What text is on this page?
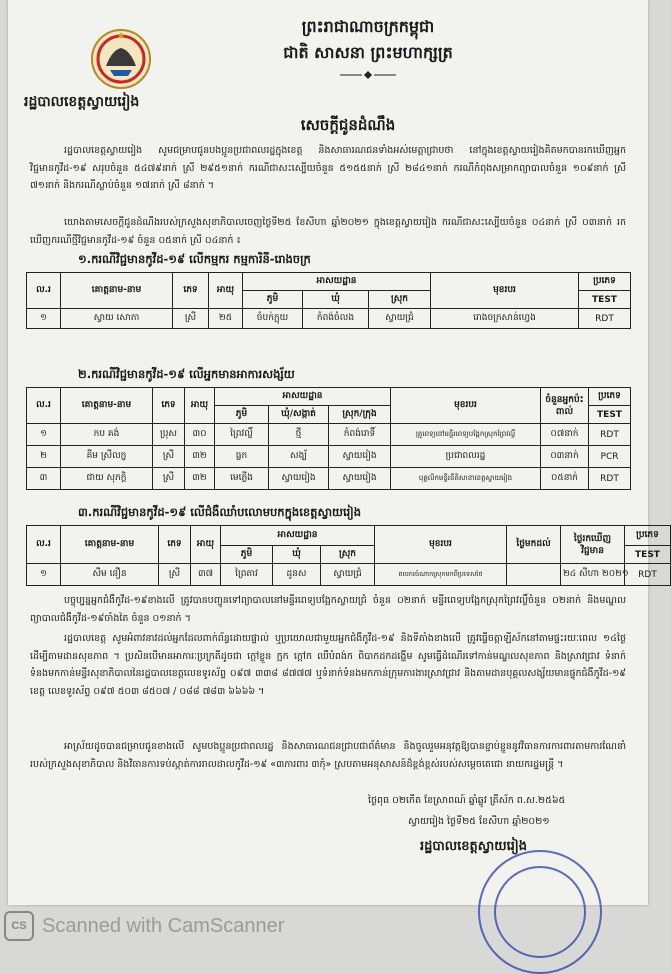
ព្រះរាជាណាចក្រកម្ពុជា
ជាតិ សាសនា ព្រះមហាក្សត្រ
រដ្ឋបាលខេត្តស្វាយរៀង
សេចក្តីជូនដំណឹង

រដ្ឋបាលខេត្តស្វាយរៀង សូមជម្រាបជូនបងប្អូនប្រជាពលរដ្ឋក្នុងខេត្ត និងសាធារណជនទាំងអស់មេត្តាជ្រាបថា នៅក្នុងខេត្តស្វាយរៀងគិតមកបានរកឃើញអ្នកវិជ្ជមានកូវីដ-១៩ សរុបចំនួន ៥៤៧៩នាក់ ស្រី ២៩៥១នាក់ ករណីជាសះស្បើយចំនួន ៥១៥៥នាក់ ស្រី ២៨៤១នាក់ ករណីកំពុងសម្រាកព្យាបាលចំនួន ១០៩នាក់ ស្រី ៧១នាក់ និងករណីស្លាប់ចំនួន ១៧នាក់ ស្រី ៨នាក់ ។

យោងតាមសេចក្តីជូនដំណឹងរបស់ក្រសួងសុខាភិបាលចេញថ្ងៃទី២៥ ខែសីហា ឆ្នាំ២០២១ ក្នុងខេត្តស្វាយរៀង ករណីជាសះស្បើយចំនួន ០៤នាក់ ស្រី ០៣នាក់ រកឃើញករណីថ្មីវិជ្ជមានកូវីដ-១៩ ចំនួន ០៥នាក់ ស្រី ០៤នាក់ ៖

១.ករណីវិជ្ជមានកូវីដ-១៩ លើកម្មករ កម្មការិនី-រោងចក្រ
ល.រ	គោត្តនាម-នាម	ភេទ	អាយុ	អាសយដ្ឋាន			មុខរបរ	ប្រភេទ
				ភូមិ	ឃុំ	ស្រុក		TEST
១	ស្វាយ សោភា	ស្រី	២៥	ចំបក់ក្អុយ	កំពង់ចំលង	ស្វាយជ្រំ	រោងចក្រសាន់ហ្វេង	RDT
២.ករណីវិជ្ជមានកូវីដ-១៩ លើអ្នកមានអាការសង្ស័យ
ល.រ	គោត្តនាម-នាម	ភេទ	អាយុ	អាសយដ្ឋាន			មុខរបរ	ចំនួនអ្នកប៉ះពាល់	ប្រភេទ
				ភូមិ	ឃុំ/សង្កាត់	ស្រុក/ក្រុង			TEST
១	កប គង់	ប្រុស	៣០	ព្រៃវល្លិ៍	ថ្មី	កំពង់រោទិ៍	គ្រូពេទ្យនៅមន្ទីរពេទ្យបង្អែកស្រុកព្រៃវល្លិ៍	០៧នាក់	RDT
២	គីម ស្រីលក្ខ	ស្រី	៣២	ធ្លក	សង្ឃ័	ស្វាយរៀង	ប្រជាពលរដ្ឋ	០៣នាក់	PCR
៣	ជាយ សុភក្តិ	ស្រី	៣២	មេភ្លើង	ស្វាយរៀង	ស្វាយរៀង	បុគ្គលិកមន្ទីរនីតិសាខាខេត្តស្វាយរៀង	០៥នាក់	RDT
៣.ករណីវិជ្ជមានកូវីដ-១៩ លើជំងឺឈាំបលោមបកក្នុងខេត្តស្វាយរៀង
ល.រ	គោត្តនាម-នាម	ភេទ	អាយុ	អាសយដ្ឋាន			មុខរបរ	ថ្ងៃមកដល់	ថ្ងៃរកឃើញវិជ្ជមាន	ប្រភេទ
				ភូមិ	ឃុំ	ស្រុក				TEST
១	សឹម នឿន	ស្រី	៣៧	ព្រៃតាវ	ដូនស	ស្វាយជ្រំ	ពលករចំណាកស្រុកមកពីប្រទេសថៃ		២៤ សីហា ២០២១	RDT

បច្ចុប្បន្នអ្នកជំងឺកូវីដ-១៩ខាងលើ ត្រូវបានបញ្ជូនទៅព្យាបាលនៅមន្ទីរពេទ្យបង្អែកស្វាយជ្រំ ចំនួន ០២នាក់ មន្ទីរពេទ្យបង្អែកស្រុកព្រៃវល្លិ៍ចំនួន ០២នាក់ និងមណ្ឌលព្យាបាលជំងឺកូវីដ-១៩ចាំងតៃ ចំនួន ០១នាក់ ។

រដ្ឋបាលខេត្ត សូមអំពាវនាវដល់អ្នកដែលពាក់ព័ន្ធដោយផ្ទាល់ ឬប្រយោលជាមួយអ្នកជំងឺកូវីដ-១៩ និងទីតាំងខាងលើ ត្រូវធ្វើចត្តាឡីស័កនៅតាមផ្ទះរយៈពេល ១៤ថ្ងៃ ដើម្បីតាមដានសុខភាព ។ ប្រសិនបើមានអាការៈប្រក្រតីដូចជា ក្តៅខ្លួន ក្អក ក្តៅក ឈឺបំពង់ក ពិបាកដកដង្ហើម សូមធ្វើដំណើរទៅកាន់មណ្ឌលសុខភាព និងស្រាវជ្រាវ ទំនាក់ទំនងមកកាន់មន្ទីរសុខាភិបាលនៃរដ្ឋបាលខេត្តលេខទូរស័ព្ទ ០៩៧ ៣៣៨ ៨៧៧៧ ឬទំនាក់ទំនងមកកាន់ក្រុមការងារស្រាវជ្រាវ និងតាមដានបុគ្គលសង្ស័យមានផ្ទុកជំងឺកូវីដ-១៩ ខេត្ត លេខទូរស័ព្ទ ០៩៧ ៥០៣ ៨៥០៧ / ០៨៨ ៧៨៣ ៦៦៦៦ ។

អាស្រ័យដូចបានជម្រាបជូនខាងលើ សូមបងប្អូនប្រជាពលរដ្ឋ និងសាធារណជនជ្រាបជាព័ត៌មាន និងចូលរួមអនុវត្តឱ្យបានខ្ជាប់ខ្ជួននូវវិធានការការពារតាមការណែនាំរបស់ក្រសួងសុខាភិបាល និងវិធានការទប់ស្កាត់ការរាលដាលកូវីដ-១៩ «៣ការពារ ៣កុំ» ស្របតាមអនុសាសន៍ដ៏ខ្ពង់ខ្ពស់របស់សម្តេចតេជោ នាយករដ្ឋមន្រ្តី ។

ថ្ងៃពុធ ០២កើត ខែស្រាពណ៍ ឆ្នាំឆ្លូវ ត្រីស័ក ព.ស.២៥៦៥
ស្វាយរៀង ថ្ងៃទី២៥ ខែសីហា ឆ្នាំ២០២១
រដ្ឋបាលខេត្តស្វាយរៀង
CS Scanned with CamScanner
